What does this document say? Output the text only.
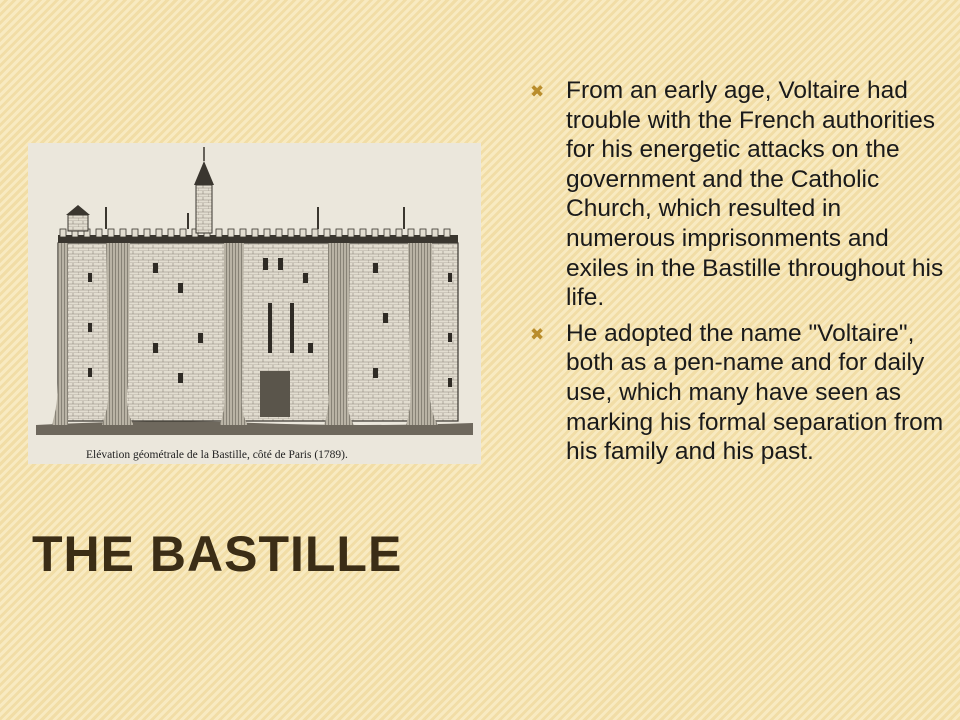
Elévation géométrale de la Bastille, côté de Paris (1789).
THE BASTILLE
✖ From an early age, Voltaire had trouble with the French authorities for his energetic attacks on the government and the Catholic Church, which resulted in numerous imprisonments and exiles in the Bastille throughout his life.
✖ He adopted the name "Voltaire", both as a pen-name and for daily use, which many have seen as marking his formal separation from his family and his past.
